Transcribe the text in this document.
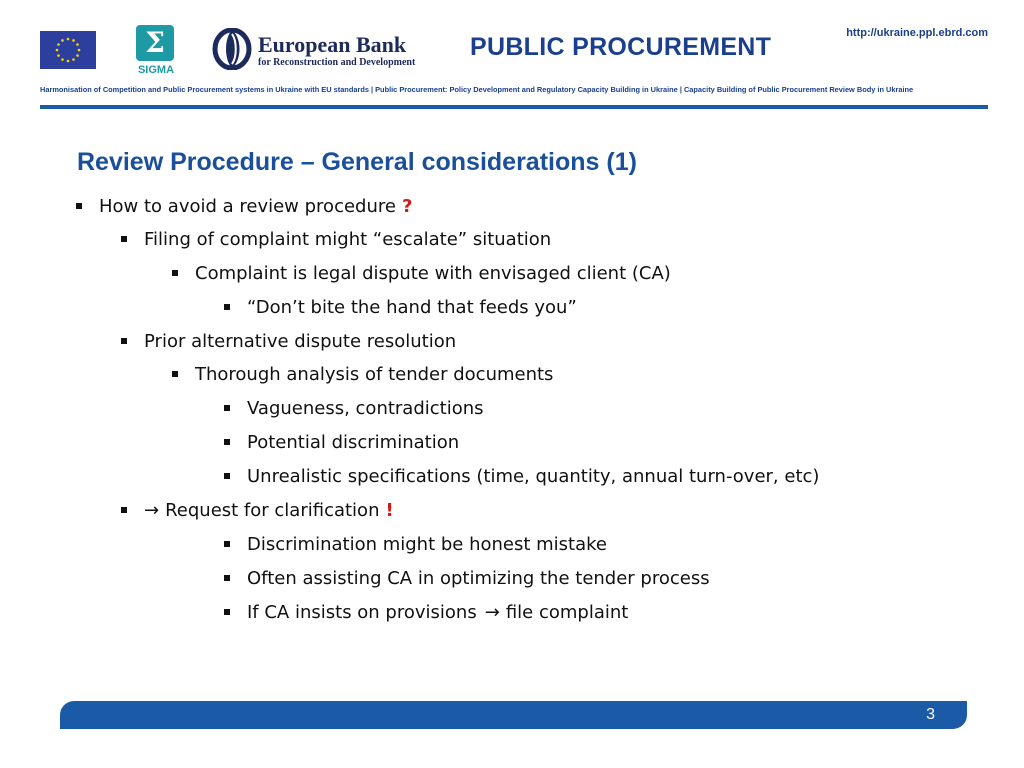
Σ
SIGMA
European Bank
for Reconstruction and Development
PUBLIC PROCUREMENT	http://ukraine.ppl.ebrd.com
Harmonisation of Competition and Public Procurement systems in Ukraine with EU standards | Public Procurement: Policy Development and Regulatory Capacity Building in Ukraine | Capacity Building of Public Procurement Review Body in Ukraine
Review Procedure – General considerations (1)
How to avoid a review procedure ?
Filing of complaint might “escalate” situation
Complaint is legal dispute with envisaged client (CA)
“Don’t bite the hand that feeds you”
Prior alternative dispute resolution
Thorough analysis of tender documents
Vagueness, contradictions
Potential discrimination
Unrealistic specifications (time, quantity, annual turn-over, etc)
→ Request for clarification !
Discrimination might be honest mistake
Often assisting CA in optimizing the tender process
If CA insists on provisions → file complaint
3
